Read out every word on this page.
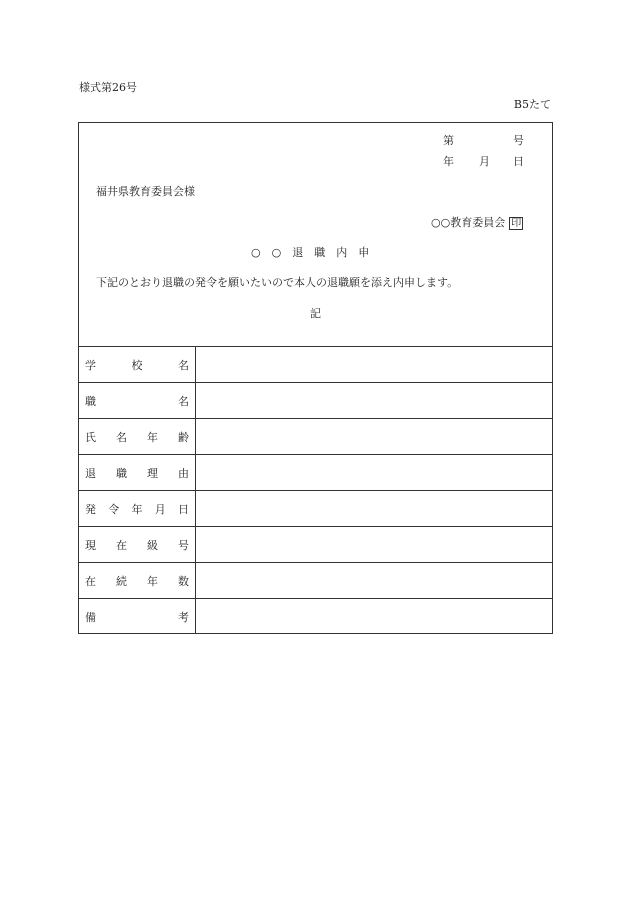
様式第26号
B5たて
第	号
年 月 日
福井県教育委員会様
○○教育委員会 印
○　○　退　職　内　申
下記のとおり退職の発令を願いたいので本人の退職願を添え内申します。
記
学	校	名
職	名
氏 名 年 齢
退 職 理 由
発 令 年 月 日
現 在 級 号
在 続 年 数
備	考
